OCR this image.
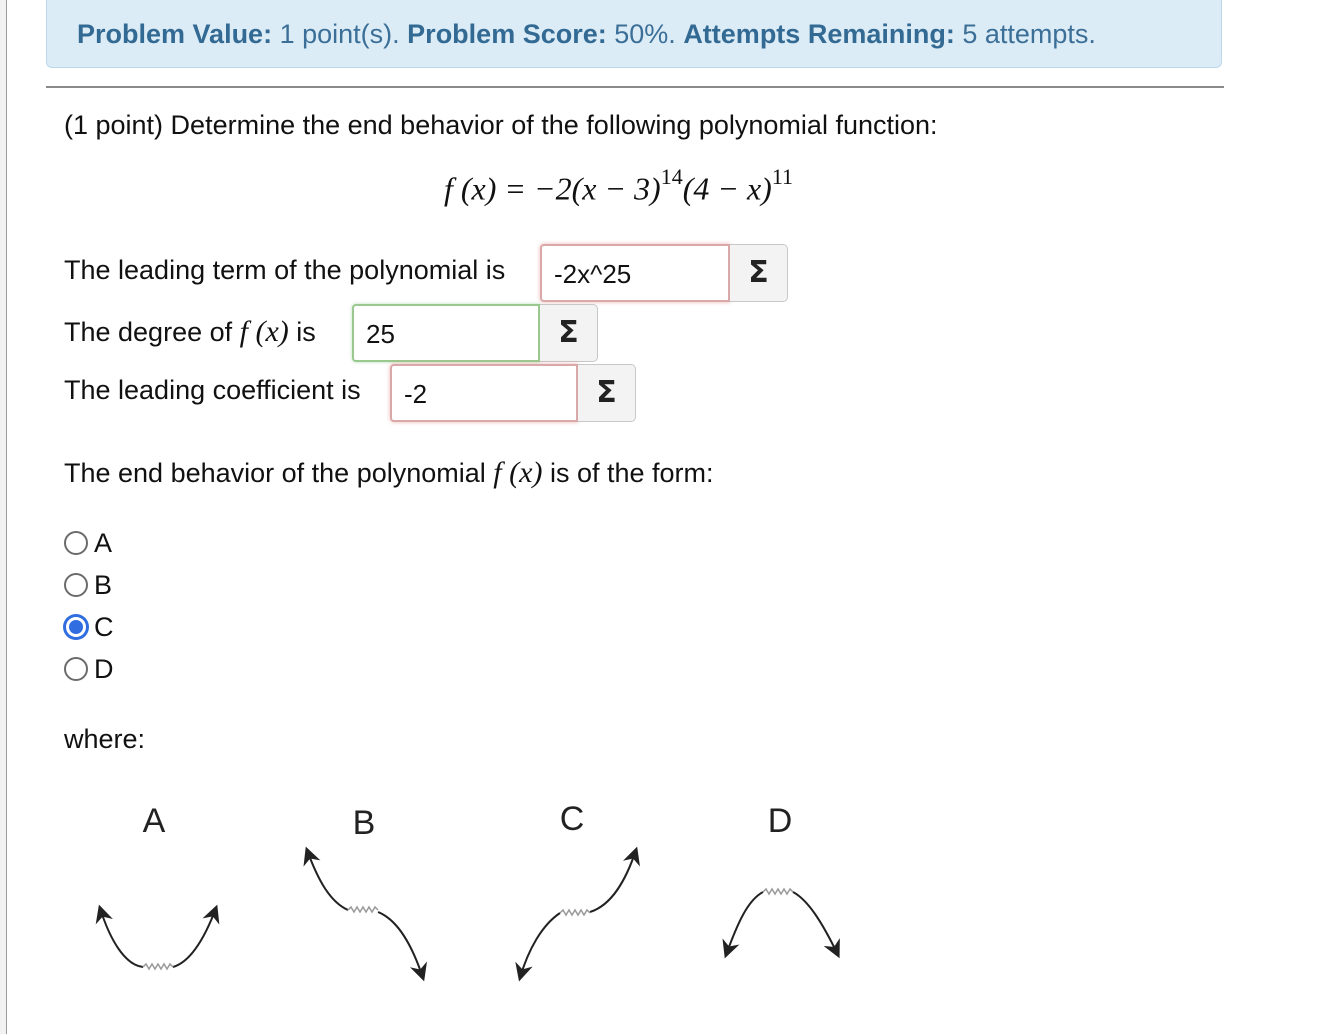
Problem Value: 1 point(s). Problem Score: 50%. Attempts Remaining: 5 attempts.
(1 point) Determine the end behavior of the following polynomial function:
f $(x) = -2(x - 3)^{14}(4 - x)^{11}$
The leading term of the polynomial is	-2x^25	Σ
The degree of f (x) is	25	Σ
The leading coefficient is	-2	Σ
The end behavior of the polynomial f (x) is of the form:
A
B
C
D
where:
A	B	C	D
